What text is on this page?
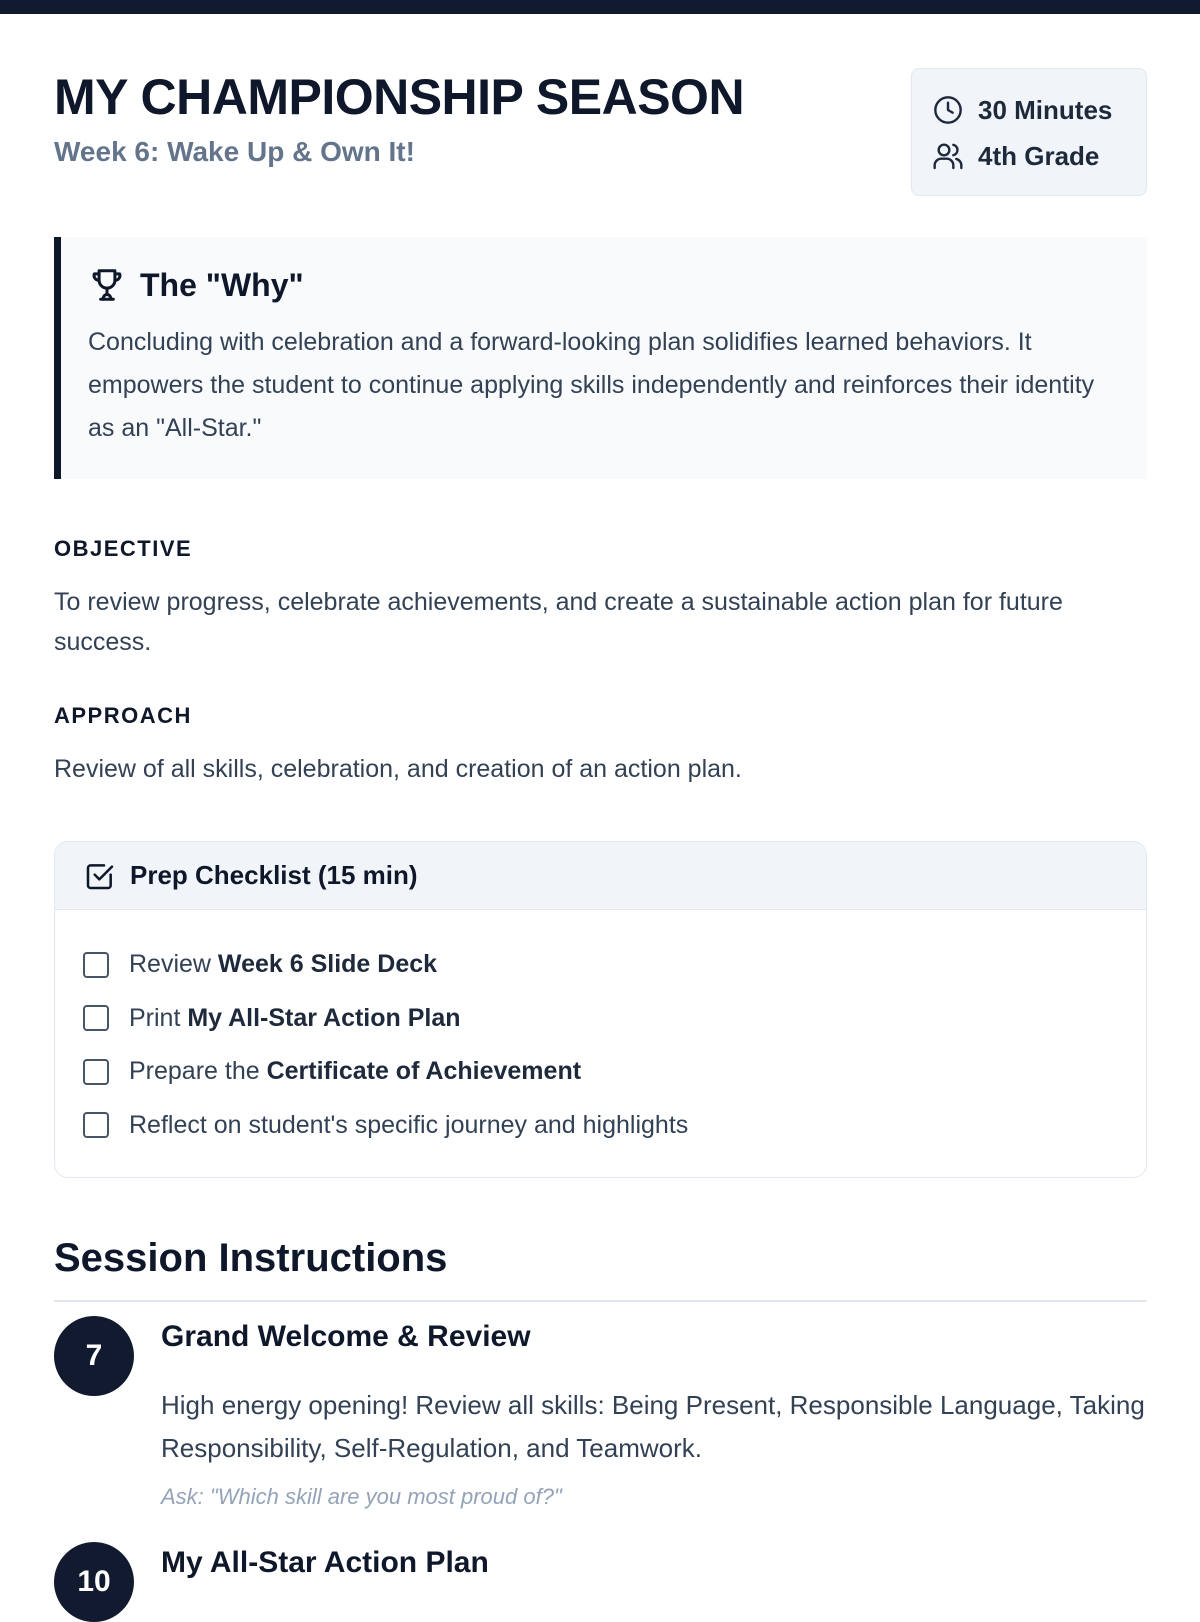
MY CHAMPIONSHIP SEASON

Week 6: Wake Up & Own It!

30 Minutes
4th Grade
The "Why"

Concluding with celebration and a forward-looking plan solidifies learned behaviors. It empowers the student to continue applying skills independently and reinforces their identity as an "All-Star."

OBJECTIVE

To review progress, celebrate achievements, and create a sustainable action plan for future success.

APPROACH

Review of all skills, celebration, and creation of an action plan.

Prep Checklist (15 min)
Review Week 6 Slide Deck
Print My All-Star Action Plan
Prepare the Certificate of Achievement
Reflect on student's specific journey and highlights
Session Instructions
7
Grand Welcome & Review

High energy opening! Review all skills: Being Present, Responsible Language, Taking Responsibility, Self-Regulation, and Teamwork.

Ask: "Which skill are you most proud of?"

10
My All-Star Action Plan
